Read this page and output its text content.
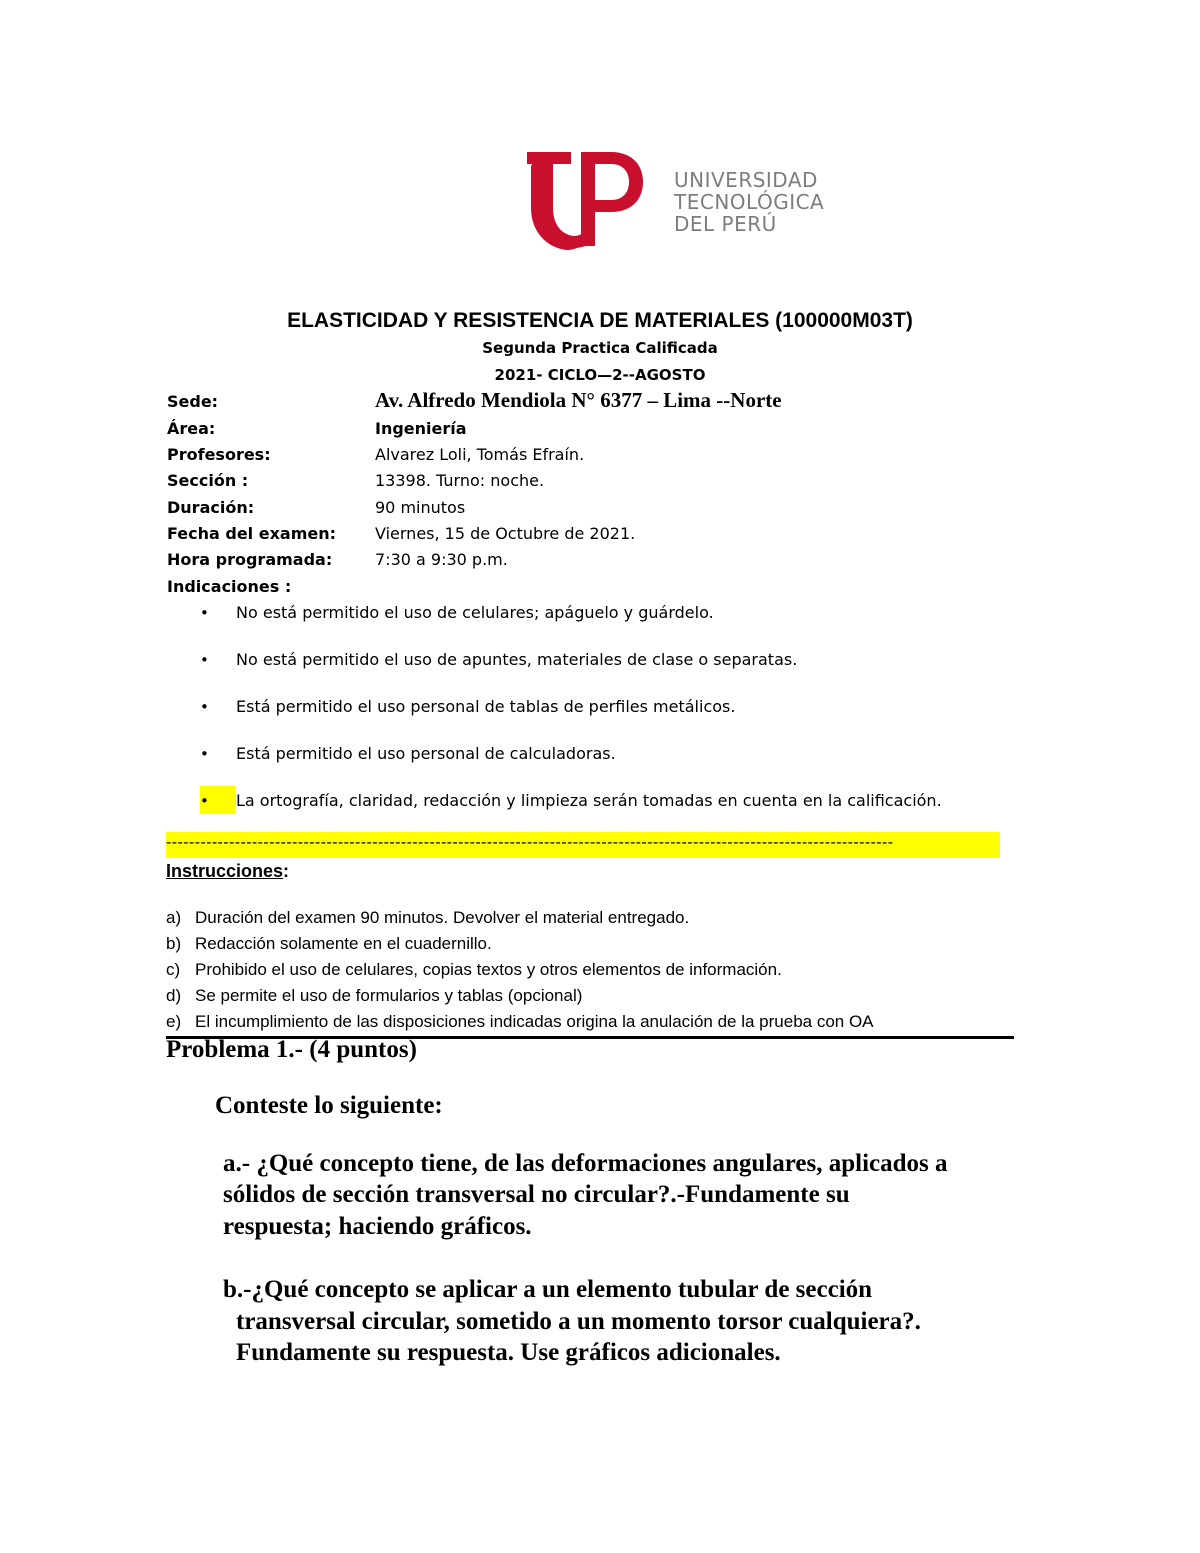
UNIVERSIDAD
TECNOLÓGICA
DEL PERÚ
ELASTICIDAD Y RESISTENCIA DE MATERIALES (100000M03T)
Segunda Practica Calificada
2021- CICLO—2--AGOSTO
Sede:	Av. Alfredo Mendiola N° 6377 – Lima --Norte
Área:	Ingeniería
Profesores:	Alvarez Loli, Tomás Efraín.
Sección :	13398. Turno: noche.
Duración:	90 minutos
Fecha del examen: Viernes, 15 de Octubre de 2021.
Hora programada:	7:30 a 9:30 p.m.
Indicaciones :
• No está permitido el uso de celulares; apáguelo y guárdelo.
• No está permitido el uso de apuntes, materiales de clase o separatas.
• Está permitido el uso personal de tablas de perfiles metálicos.
• Está permitido el uso personal de calculadoras.
• La ortografía, claridad, redacción y limpieza serán tomadas en cuenta en la calificación.
-------------------------------------------------------------------------------------------------------------------------------
Instrucciones:
a) Duración del examen 90 minutos. Devolver el material entregado.
b) Redacción solamente en el cuadernillo.
c) Prohibido el uso de celulares, copias textos y otros elementos de información.
d) Se permite el uso de formularios y tablas (opcional)
e) El incumplimiento de las disposiciones indicadas origina la anulación de la prueba con OA
Problema 1.- (4 puntos)
Conteste lo siguiente:
a.- ¿Qué concepto tiene, de las deformaciones angulares, aplicados a
sólidos de sección transversal no circular?.-Fundamente su
respuesta; haciendo gráficos.
b.-¿Qué concepto se aplicar a un elemento tubular de sección
transversal circular, sometido a un momento torsor cualquiera?.
Fundamente su respuesta. Use gráficos adicionales.
